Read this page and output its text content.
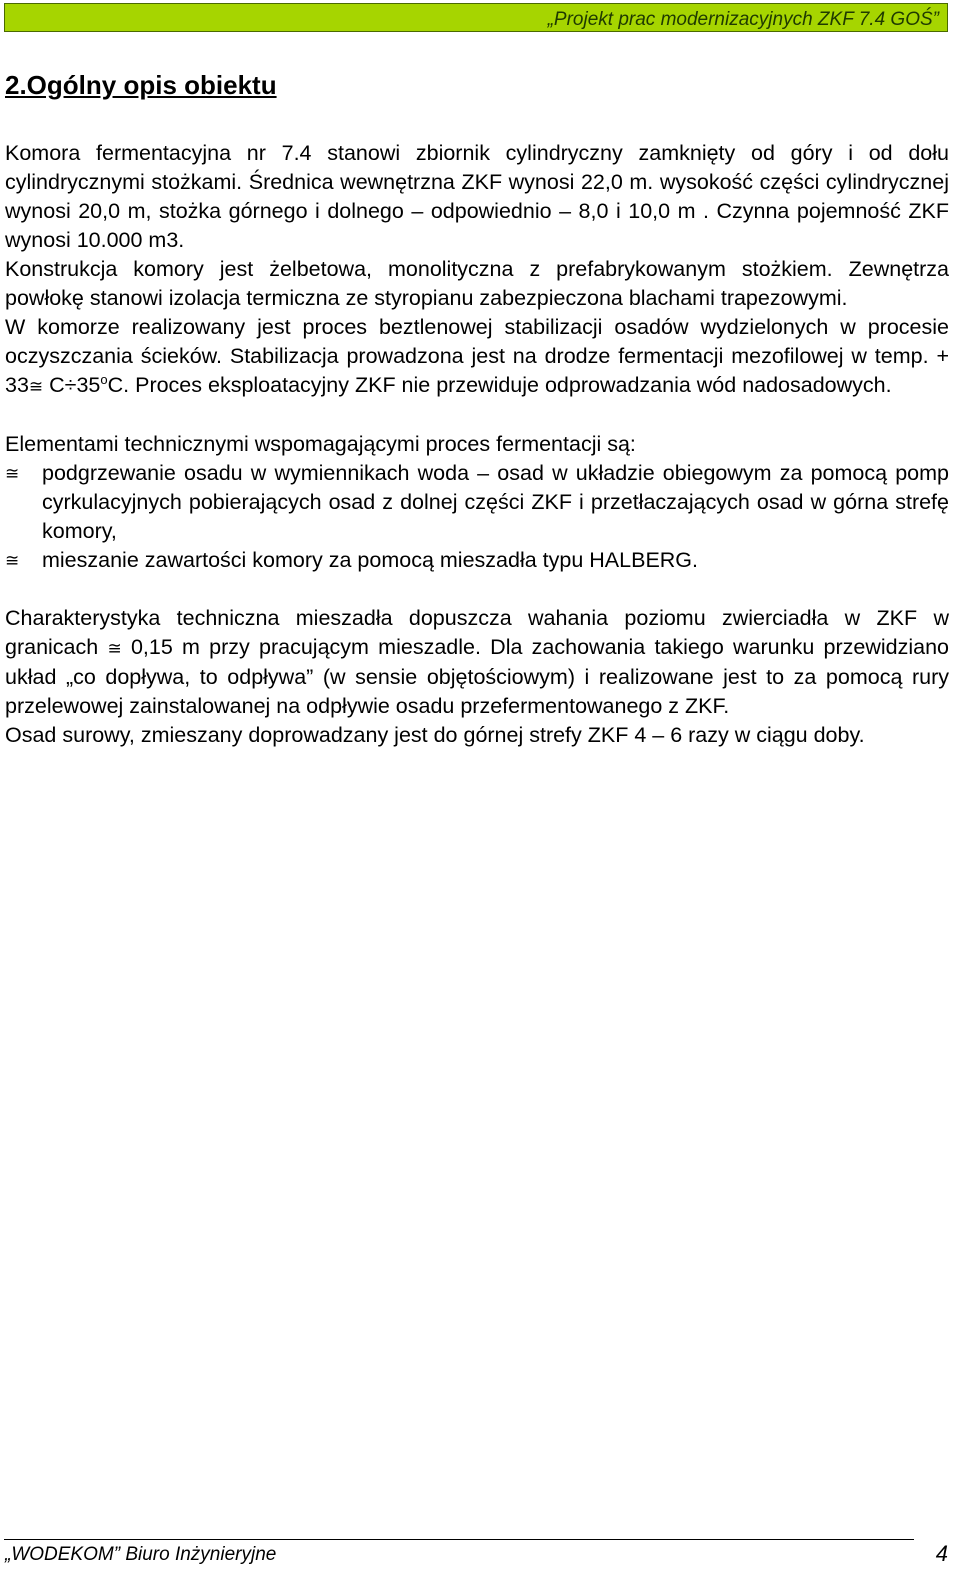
„Projekt prac modernizacyjnych ZKF 7.4 GOŚ”
2.Ogólny opis obiektu

Komora fermentacyjna nr 7.4 stanowi zbiornik cylindryczny zamknięty od góry i od dołu cylindrycznymi stożkami. Średnica wewnętrzna ZKF wynosi 22,0 m. wysokość części cylindrycznej wynosi 20,0 m, stożka górnego i dolnego – odpowiednio – 8,0 i 10,0 m . Czynna pojemność ZKF wynosi 10.000 m3.

Konstrukcja komory jest żelbetowa, monolityczna z prefabrykowanym stożkiem. Zewnętrza powłokę stanowi izolacja termiczna ze styropianu zabezpieczona blachami trapezowymi.

W komorze realizowany jest proces beztlenowej stabilizacji osadów wydzielonych w procesie oczyszczania ścieków. Stabilizacja prowadzona jest na drodze fermentacji mezofilowej w temp. + 33≅ $C\div 35^oC$. Proces eksploatacyjny ZKF nie przewiduje odprowadzania wód nadosadowych.

Elementami technicznymi wspomagającymi proces fermentacji są:

≅ podgrzewanie osadu w wymiennikach woda – osad w układzie obiegowym za pomocą pomp cyrkulacyjnych pobierających osad z dolnej części ZKF i przetłaczających osad w górna strefę komory,
≅ mieszanie zawartości komory za pomocą mieszadła typu HALBERG.

Charakterystyka techniczna mieszadła dopuszcza wahania poziomu zwierciadła w ZKF w granicach ≅ 0,15 m przy pracującym mieszadle. Dla zachowania takiego warunku przewidziano układ „co dopływa, to odpływa” (w sensie objętościowym) i realizowane jest to za pomocą rury przelewowej zainstalowanej na odpływie osadu przefermentowanego z ZKF.

Osad surowy, zmieszany doprowadzany jest do górnej strefy ZKF 4 – 6 razy w ciągu doby.

„WODEKOM” Biuro Inżynieryjne	4
